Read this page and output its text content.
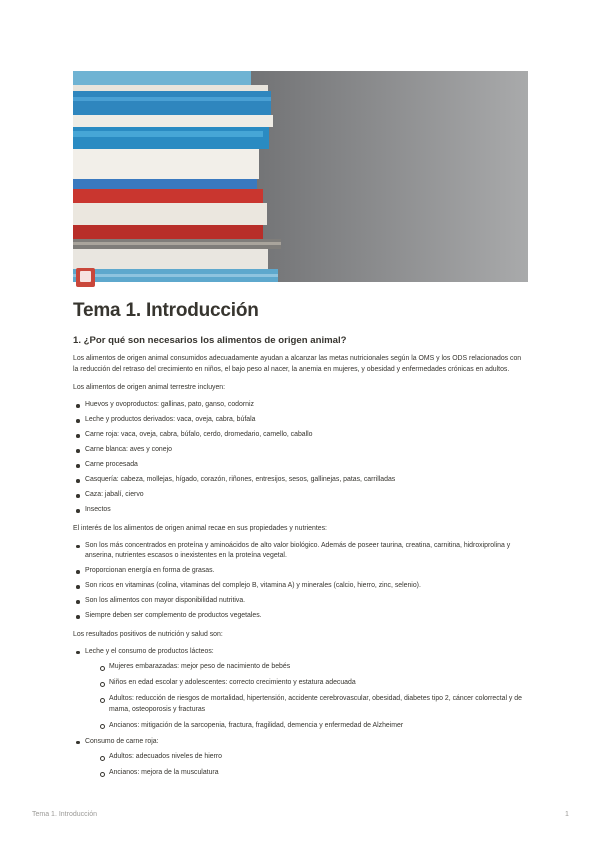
Tema 1. Introducción
1. ¿Por qué son necesarios los alimentos de origen animal?

Los alimentos de origen animal consumidos adecuadamente ayudan a alcanzar las metas nutricionales según la OMS y los ODS relacionados con la reducción del retraso del crecimiento en niños, el bajo peso al nacer, la anemia en mujeres, y obesidad y enfermedades crónicas en adultos.

Los alimentos de origen animal terrestre incluyen:

Huevos y ovoproductos: gallinas, pato, ganso, codorniz
Leche y productos derivados: vaca, oveja, cabra, búfala
Carne roja: vaca, oveja, cabra, búfalo, cerdo, dromedario, camello, caballo
Carne blanca: aves y conejo
Carne procesada
Casquería: cabeza, mollejas, hígado, corazón, riñones, entresijos, sesos, gallinejas, patas, carrilladas
Caza: jabalí, ciervo
Insectos

El interés de los alimentos de origen animal recae en sus propiedades y nutrientes:

Son los más concentrados en proteína y aminoácidos de alto valor biológico. Además de poseer taurina, creatina, carnitina, hidroxiprolina y anserina, nutrientes escasos o inexistentes en la proteína vegetal.
Proporcionan energía en forma de grasas.
Son ricos en vitaminas (colina, vitaminas del complejo B, vitamina A) y minerales (calcio, hierro, zinc, selenio).
Son los alimentos con mayor disponibilidad nutritiva.
Siempre deben ser complemento de productos vegetales.

Los resultados positivos de nutrición y salud son:

Leche y el consumo de productos lácteos:
Mujeres embarazadas: mejor peso de nacimiento de bebés
Niños en edad escolar y adolescentes: correcto crecimiento y estatura adecuada
Adultos: reducción de riesgos de mortalidad, hipertensión, accidente cerebrovascular, obesidad, diabetes tipo 2, cáncer colorrectal y de mama, osteoporosis y fracturas
Ancianos: mitigación de la sarcopenia, fractura, fragilidad, demencia y enfermedad de Alzheimer
Consumo de carne roja:
Adultos: adecuados niveles de hierro
Ancianos: mejora de la musculatura
Tema 1. Introducción	1
